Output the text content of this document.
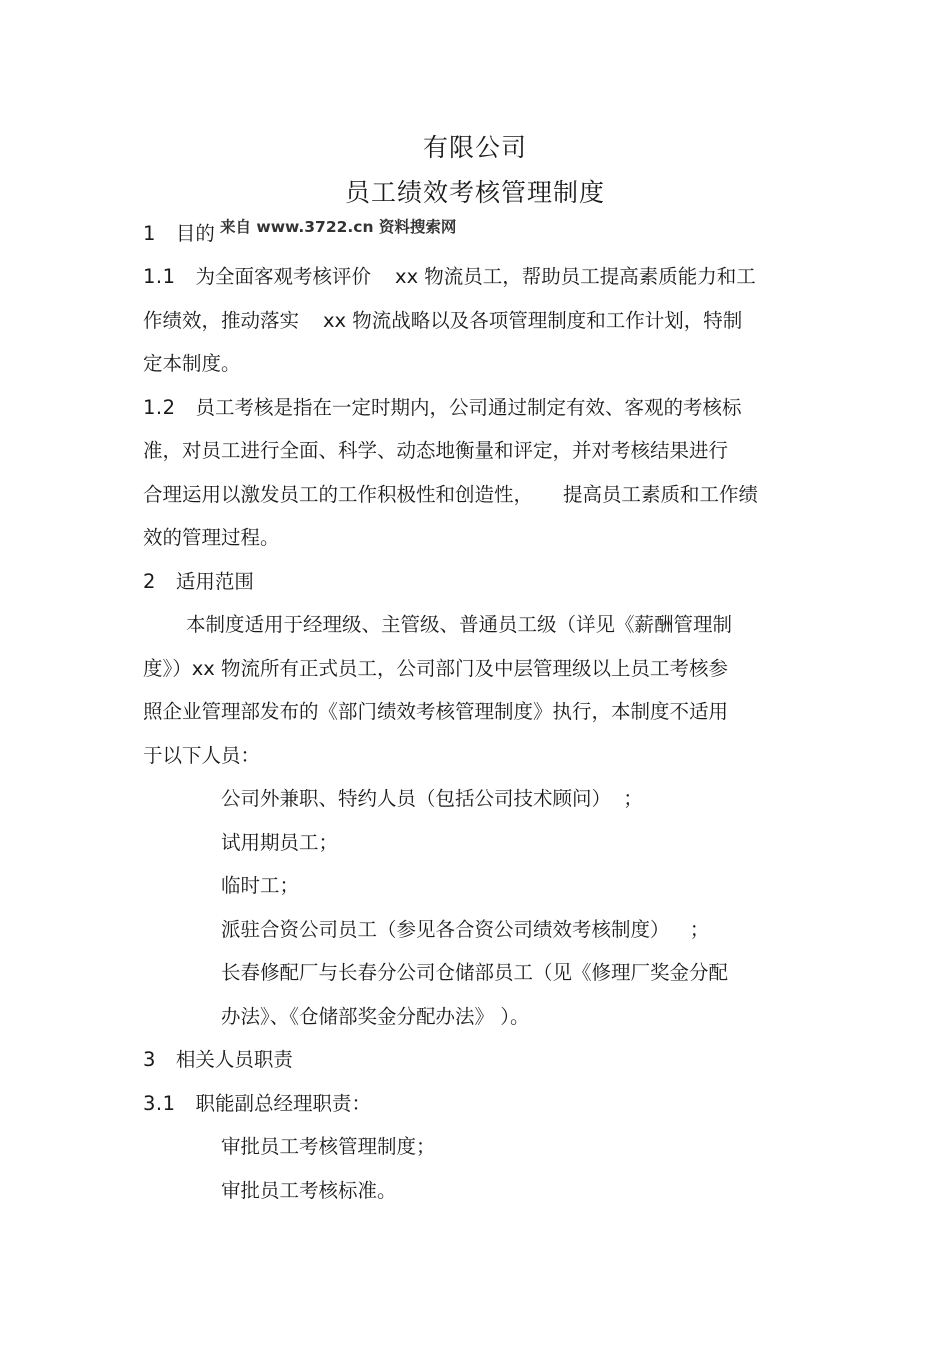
有限公司
员工绩效考核管理制度
1 目的 来自 www.3722.cn 资料搜索网
1.1 为全面客观考核评价 xx 物流员工，帮助员工提高素质能力和工
作绩效，推动落实 xx 物流战略以及各项管理制度和工作计划，特制
定本制度。
1.2 员工考核是指在一定时期内，公司通过制定有效、客观的考核标
准，对员工进行全面、科学、动态地衡量和评定，并对考核结果进行
合理运用以激发员工的工作积极性和创造性， 提高员工素质和工作绩
效的管理过程。
2 适用范围
本制度适用于经理级、主管级、普通员工级（详见《薪酬管理制
度》）xx 物流所有正式员工，公司部门及中层管理级以上员工考核参
照企业管理部发布的《部门绩效考核管理制度》执行，本制度不适用
于以下人员：
公司外兼职、特约人员（包括公司技术顾问） ；
试用期员工；
临时工；
派驻合资公司员工（参见各合资公司绩效考核制度） ；
长春修配厂与长春分公司仓储部员工（见《修理厂奖金分配
办法》、《仓储部奖金分配办法》 ）。
3 相关人员职责
3.1 职能副总经理职责：
审批员工考核管理制度；
审批员工考核标准。
